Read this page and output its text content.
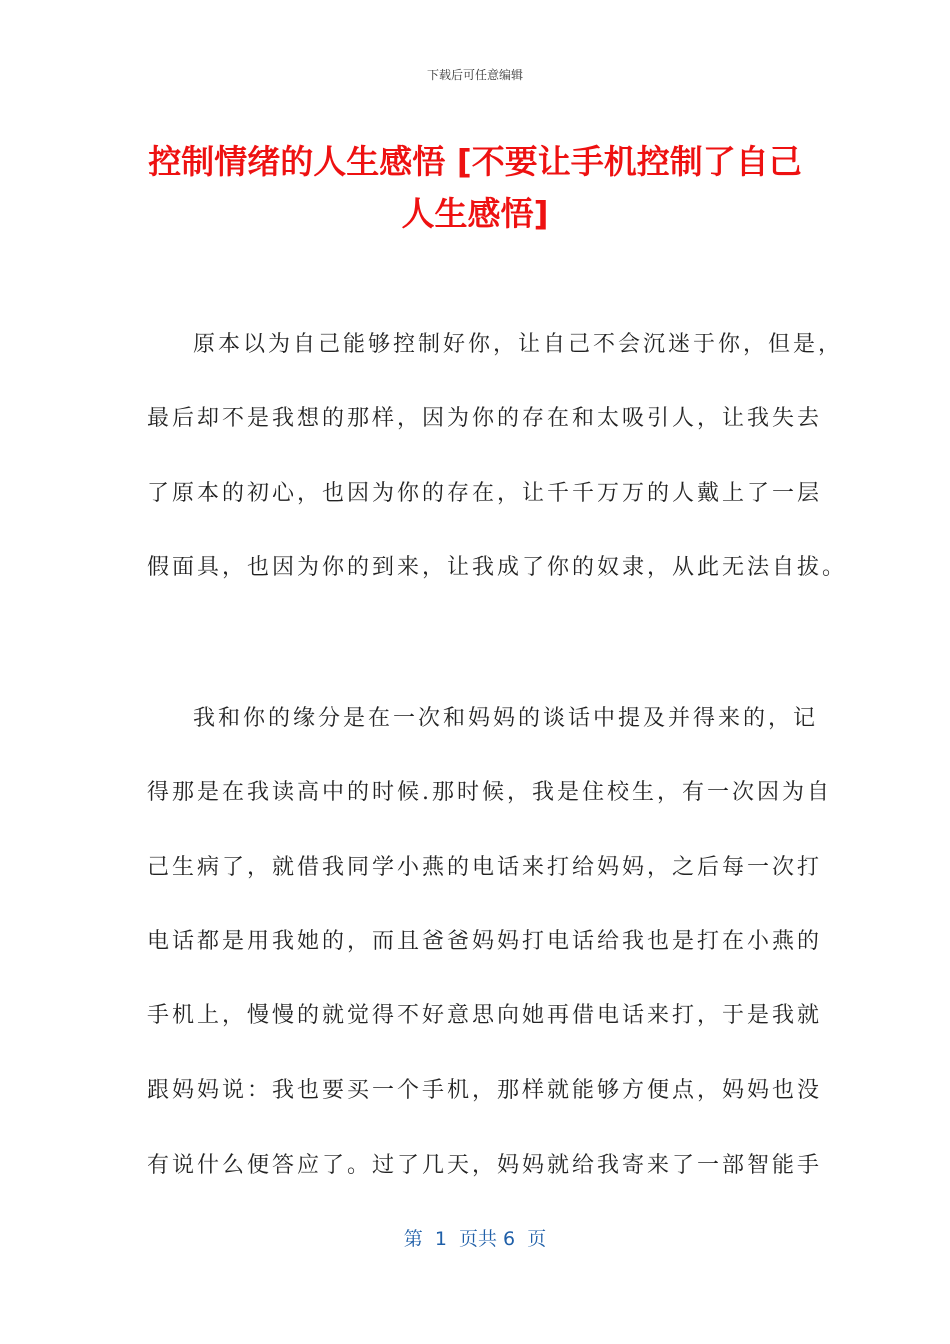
下载后可任意编辑
控制情绪的人生感悟 [不要让手机控制了自己
人生感悟]
原本以为自己能够控制好你，让自己不会沉迷于你，但是，
最后却不是我想的那样，因为你的存在和太吸引人，让我失去
了原本的初心，也因为你的存在，让千千万万的人戴上了一层
假面具，也因为你的到来，让我成了你的奴隶，从此无法自拔。
我和你的缘分是在一次和妈妈的谈话中提及并得来的，记
得那是在我读高中的时候.那时候，我是住校生，有一次因为自
己生病了，就借我同学小燕的电话来打给妈妈，之后每一次打
电话都是用我她的，而且爸爸妈妈打电话给我也是打在小燕的
手机上，慢慢的就觉得不好意思向她再借电话来打，于是我就
跟妈妈说：我也要买一个手机，那样就能够方便点，妈妈也没
有说什么便答应了。过了几天，妈妈就给我寄来了一部智能手
第  1  页共 6  页
